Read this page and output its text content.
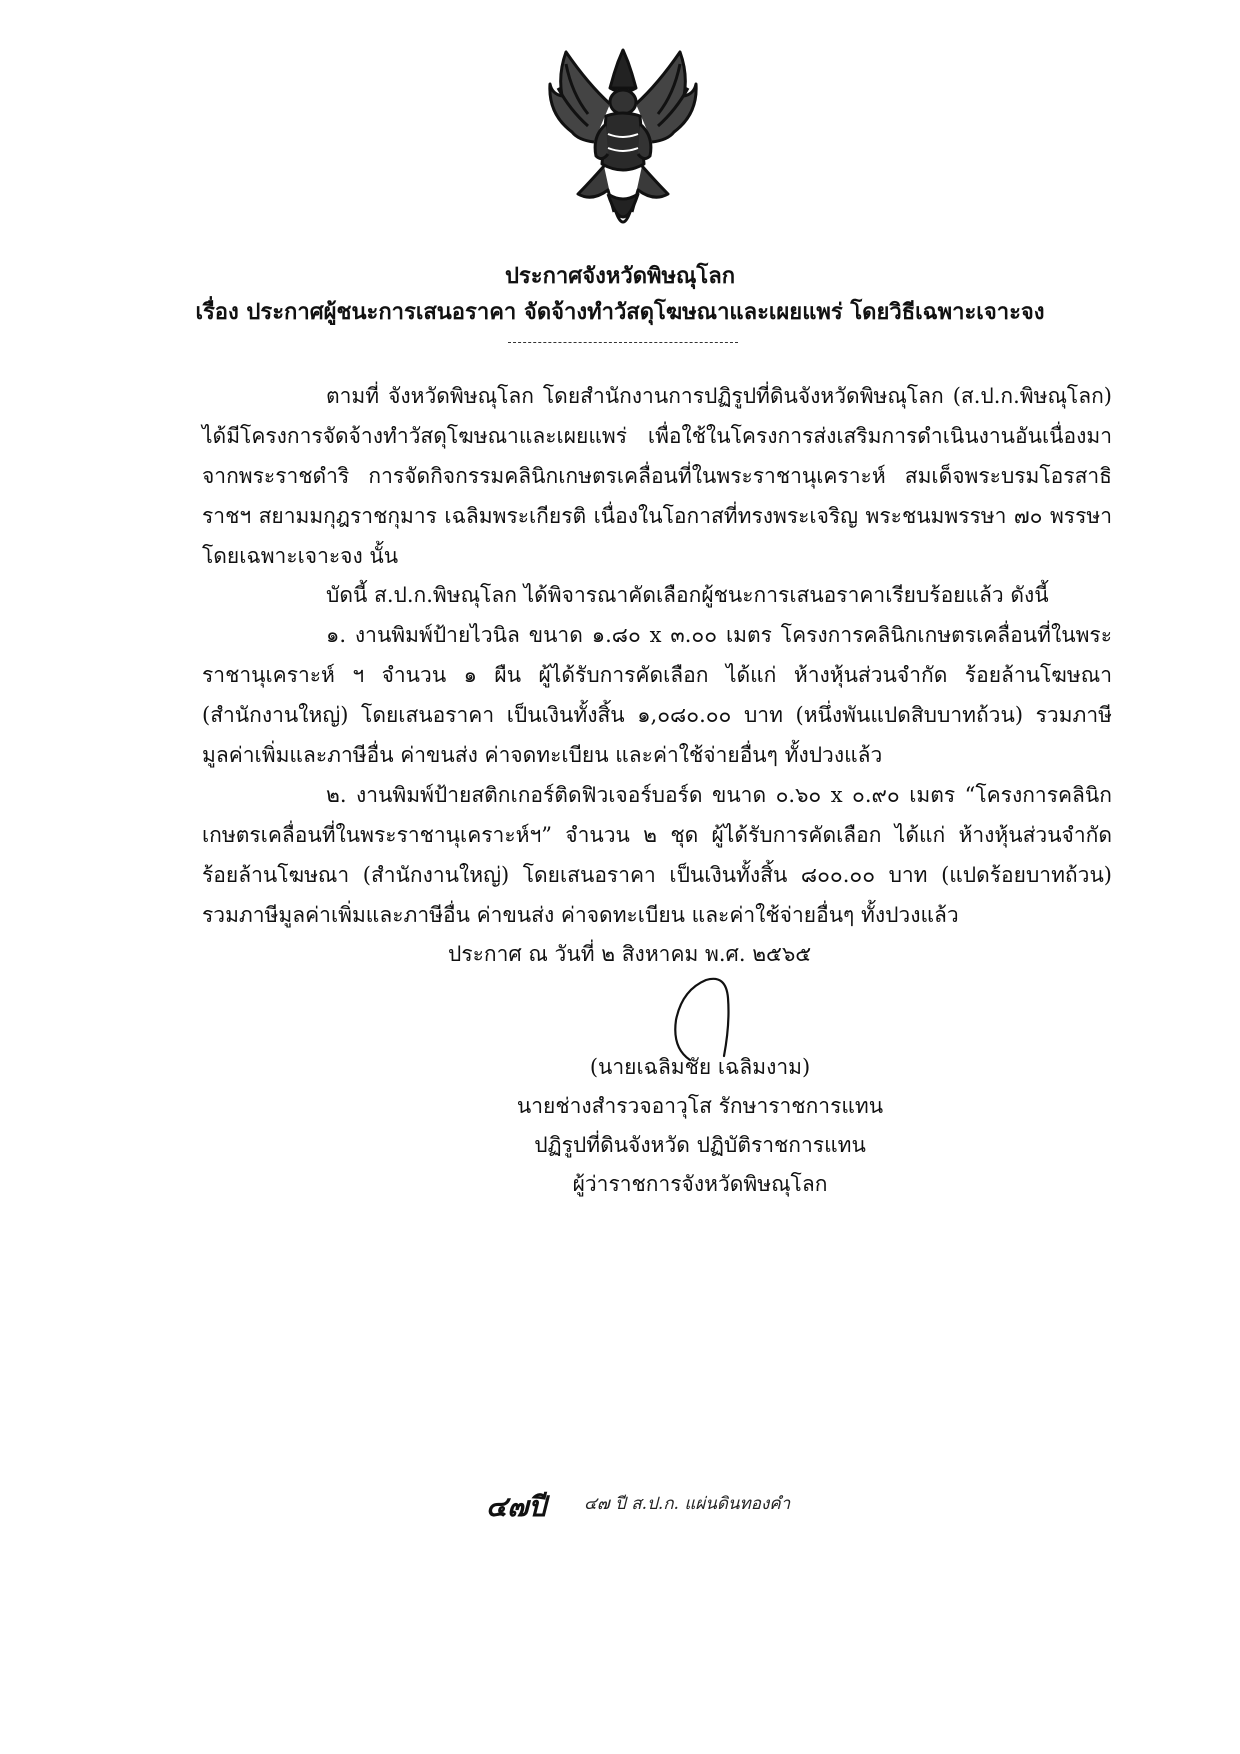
ประกาศจังหวัดพิษณุโลก
เรื่อง ประกาศผู้ชนะการเสนอราคา จัดจ้างทำวัสดุโฆษณาและเผยแพร่ โดยวิธีเฉพาะเจาะจง
ตามที่ จังหวัดพิษณุโลก โดยสำนักงานการปฏิรูปที่ดินจังหวัดพิษณุโลก (ส.ป.ก.พิษณุโลก) ได้มีโครงการจัดจ้างทำวัสดุโฆษณาและเผยแพร่ เพื่อใช้ในโครงการส่งเสริมการดำเนินงานอันเนื่องมาจากพระราชดำริ การจัดกิจกรรมคลินิกเกษตรเคลื่อนที่ในพระราชานุเคราะห์ สมเด็จพระบรมโอรสาธิราชฯ สยามมกุฎราชกุมาร เฉลิมพระเกียรติ เนื่องในโอกาสที่ทรงพระเจริญ พระชนมพรรษา ๗๐ พรรษา โดยเฉพาะเจาะจง นั้น
บัดนี้ ส.ป.ก.พิษณุโลก ได้พิจารณาคัดเลือกผู้ชนะการเสนอราคาเรียบร้อยแล้ว ดังนี้
๑. งานพิมพ์ป้ายไวนิล ขนาด ๑.๘๐ x ๓.๐๐ เมตร โครงการคลินิกเกษตรเคลื่อนที่ในพระราชานุเคราะห์ ฯ จำนวน ๑ ผืน ผู้ได้รับการคัดเลือก ได้แก่ ห้างหุ้นส่วนจำกัด ร้อยล้านโฆษณา (สำนักงานใหญ่) โดยเสนอราคา เป็นเงินทั้งสิ้น ๑,๐๘๐.๐๐ บาท (หนึ่งพันแปดสิบบาทถ้วน) รวมภาษีมูลค่าเพิ่มและภาษีอื่น ค่าขนส่ง ค่าจดทะเบียน และค่าใช้จ่ายอื่นๆ ทั้งปวงแล้ว
๒. งานพิมพ์ป้ายสติกเกอร์ติดฟิวเจอร์บอร์ด ขนาด ๐.๖๐ x ๐.๙๐ เมตร “โครงการคลินิกเกษตรเคลื่อนที่ในพระราชานุเคราะห์ฯ” จำนวน ๒ ชุด ผู้ได้รับการคัดเลือก ได้แก่ ห้างหุ้นส่วนจำกัด ร้อยล้านโฆษณา (สำนักงานใหญ่) โดยเสนอราคา เป็นเงินทั้งสิ้น ๘๐๐.๐๐ บาท (แปดร้อยบาทถ้วน) รวมภาษีมูลค่าเพิ่มและภาษีอื่น ค่าขนส่ง ค่าจดทะเบียน และค่าใช้จ่ายอื่นๆ ทั้งปวงแล้ว
ประกาศ ณ วันที่ ๒ สิงหาคม พ.ศ. ๒๕๖๕
(นายเฉลิมชัย เฉลิมงาม)
นายช่างสำรวจอาวุโส รักษาราชการแทน
ปฏิรูปที่ดินจังหวัด ปฏิบัติราชการแทน
ผู้ว่าราชการจังหวัดพิษณุโลก
๔๗ปี ๔๗ ปี ส.ป.ก. แผ่นดินทองคำ
